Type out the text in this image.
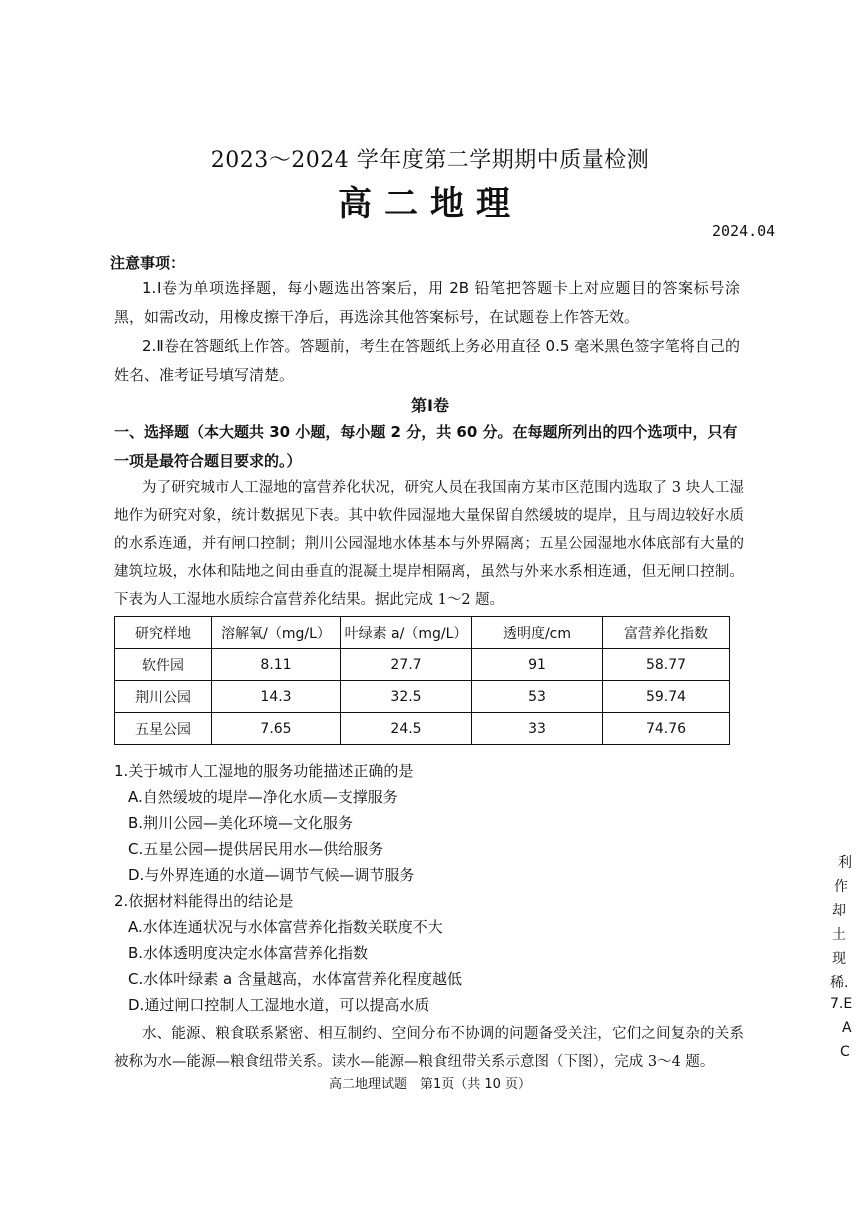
2023～2024 学年度第二学期期中质量检测
高二地理
2024.04
注意事项：
1.Ⅰ卷为单项选择题，每小题选出答案后，用 2B 铅笔把答题卡上对应题目的答案标号涂黑，如需改动，用橡皮擦干净后，再选涂其他答案标号，在试题卷上作答无效。
2.Ⅱ卷在答题纸上作答。答题前，考生在答题纸上务必用直径 0.5 毫米黑色签字笔将自己的姓名、准考证号填写清楚。
第Ⅰ卷
一、选择题（本大题共 30 小题，每小题 2 分，共 60 分。在每题所列出的四个选项中，只有一项是最符合题目要求的。）
为了研究城市人工湿地的富营养化状况，研究人员在我国南方某市区范围内选取了 3 块人工湿地作为研究对象，统计数据见下表。其中软件园湿地大量保留自然缓坡的堤岸，且与周边较好水质的水系连通，并有闸口控制；荆川公园湿地水体基本与外界隔离；五星公园湿地水体底部有大量的建筑垃圾，水体和陆地之间由垂直的混凝土堤岸相隔离，虽然与外来水系相连通，但无闸口控制。下表为人工湿地水质综合富营养化结果。据此完成 1～2 题。
研究样地	溶解氧/（mg/L）	叶绿素 a/（mg/L）	透明度/cm	富营养化指数
软件园	8.11	27.7	91	58.77
荆川公园	14.3	32.5	53	59.74
五星公园	7.65	24.5	33	74.76
1.关于城市人工湿地的服务功能描述正确的是
A.自然缓坡的堤岸—净化水质—支撑服务
B.荆川公园—美化环境—文化服务
C.五星公园—提供居民用水—供给服务
D.与外界连通的水道—调节气候—调节服务
2.依据材料能得出的结论是
A.水体连通状况与水体富营养化指数关联度不大
B.水体透明度决定水体富营养化指数
C.水体叶绿素 a 含量越高，水体富营养化程度越低
D.通过闸口控制人工湿地水道，可以提高水质
水、能源、粮食联系紧密、相互制约、空间分布不协调的问题备受关注，它们之间复杂的关系被称为水—能源—粮食纽带关系。读水—能源—粮食纽带关系示意图（下图），完成 3～4 题。
高二地理试题　第1页（共 10 页）
利
作
却
土
现
稀.
7.E
A
C
